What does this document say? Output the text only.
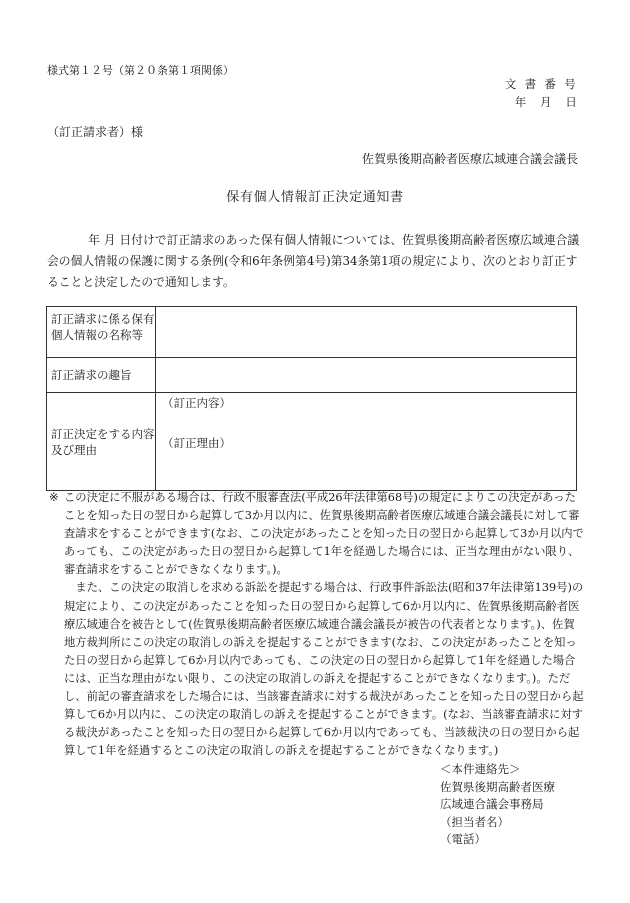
様式第１２号（第２０条第１項関係）
文 書 番 号
年　月　日
（訂正請求者）様
佐賀県後期高齢者医療広域連合議会議長
保有個人情報訂正決定通知書
年 月 日付けで訂正請求のあった保有個人情報については、佐賀県後期高齢者医療広域連合議会の個人情報の保護に関する条例(令和6年条例第4号)第34条第1項の規定により、次のとおり訂正することと決定したので通知します。
訂正請求に係る保有個人情報の名称等	
訂正請求の趣旨	
訂正決定をする内容及び理由	（訂正内容）
（訂正理由）
※ この決定に不服がある場合は、行政不服審査法(平成26年法律第68号)の規定によりこの決定があったことを知った日の翌日から起算して3か月以内に、佐賀県後期高齢者医療広域連合議会議長に対して審査請求をすることができます(なお、この決定があったことを知った日の翌日から起算して3か月以内であっても、この決定があった日の翌日から起算して1年を経過した場合には、正当な理由がない限り、審査請求をすることができなくなります。)。

また、この決定の取消しを求める訴訟を提起する場合は、行政事件訴訟法(昭和37年法律第139号)の規定により、この決定があったことを知った日の翌日から起算して6か月以内に、佐賀県後期高齢者医療広域連合を被告として(佐賀県後期高齢者医療広域連合議会議長が被告の代表者となります。)、佐賀地方裁判所にこの決定の取消しの訴えを提起することができます(なお、この決定があったことを知った日の翌日から起算して6か月以内であっても、この決定の日の翌日から起算して1年を経過した場合には、正当な理由がない限り、この決定の取消しの訴えを提起することができなくなります。)。ただし、前記の審査請求をした場合には、当該審査請求に対する裁決があったことを知った日の翌日から起算して6か月以内に、この決定の取消しの訴えを提起することができます。(なお、当該審査請求に対する裁決があったことを知った日の翌日から起算して6か月以内であっても、当該裁決の日の翌日から起算して1年を経過するとこの決定の取消しの訴えを提起することができなくなります。)

＜本件連絡先＞
佐賀県後期高齢者医療
広域連合議会事務局
（担当者名）
（電話）
